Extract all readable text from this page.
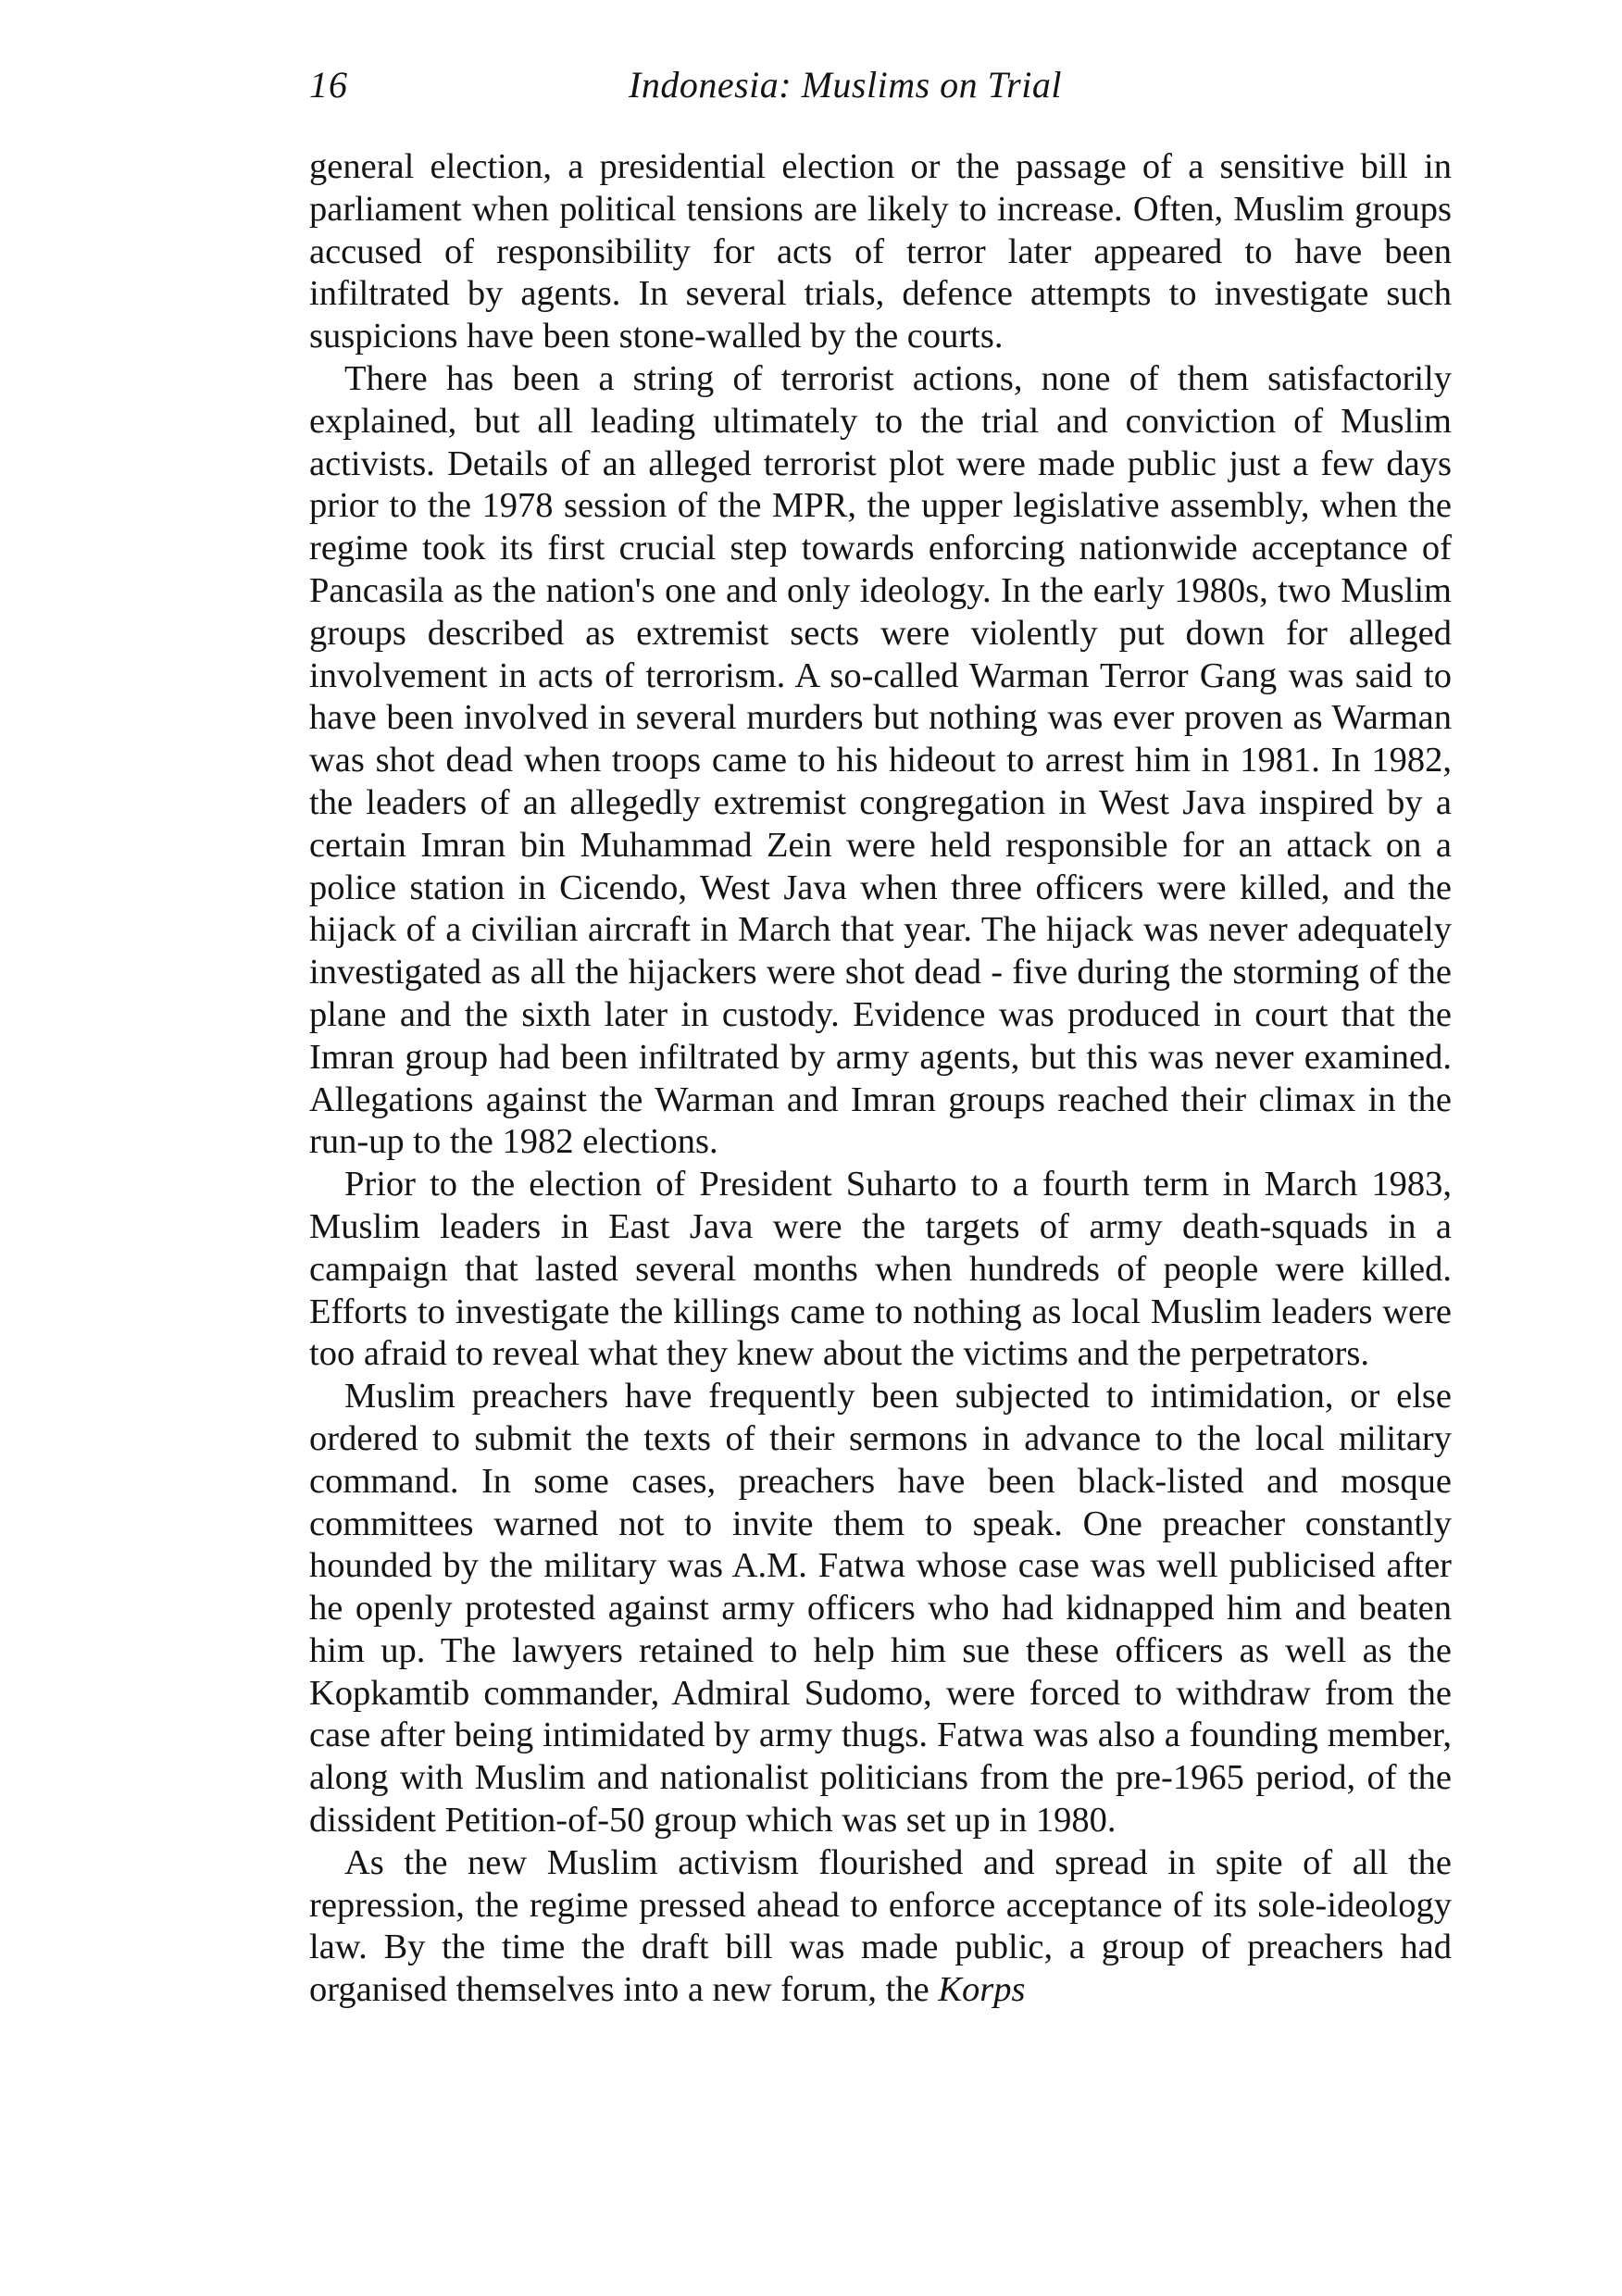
16	Indonesia: Muslims on Trial

general election, a presidential election or the passage of a sensitive bill in parliament when political tensions are likely to increase. Often, Muslim groups accused of responsibility for acts of terror later appeared to have been infiltrated by agents. In several trials, defence attempts to investigate such suspicions have been stone-walled by the courts.

There has been a string of terrorist actions, none of them satisfactorily explained, but all leading ultimately to the trial and conviction of Muslim activists. Details of an alleged terrorist plot were made public just a few days prior to the 1978 session of the MPR, the upper legislative assembly, when the regime took its first crucial step towards enforcing nationwide acceptance of Pancasila as the nation's one and only ideology. In the early 1980s, two Muslim groups described as extremist sects were violently put down for alleged involvement in acts of terrorism. A so-called Warman Terror Gang was said to have been involved in several murders but nothing was ever proven as Warman was shot dead when troops came to his hideout to arrest him in 1981. In 1982, the leaders of an allegedly extremist congregation in West Java inspired by a certain Imran bin Muhammad Zein were held responsible for an attack on a police station in Cicendo, West Java when three officers were killed, and the hijack of a civilian aircraft in March that year. The hijack was never adequately investigated as all the hijackers were shot dead - five during the storming of the plane and the sixth later in custody. Evidence was produced in court that the Imran group had been infiltrated by army agents, but this was never examined. Allegations against the Warman and Imran groups reached their climax in the run-up to the 1982 elections.

Prior to the election of President Suharto to a fourth term in March 1983, Muslim leaders in East Java were the targets of army death-squads in a campaign that lasted several months when hundreds of people were killed. Efforts to investigate the killings came to nothing as local Muslim leaders were too afraid to reveal what they knew about the victims and the perpetrators.

Muslim preachers have frequently been subjected to intimidation, or else ordered to submit the texts of their sermons in advance to the local military command. In some cases, preachers have been black-listed and mosque committees warned not to invite them to speak. One preacher constantly hounded by the military was A.M. Fatwa whose case was well publicised after he openly protested against army officers who had kidnapped him and beaten him up. The lawyers retained to help him sue these officers as well as the Kopkamtib commander, Admiral Sudomo, were forced to withdraw from the case after being intimidated by army thugs. Fatwa was also a founding member, along with Muslim and nationalist politicians from the pre-1965 period, of the dissident Petition-of-50 group which was set up in 1980.

As the new Muslim activism flourished and spread in spite of all the repression, the regime pressed ahead to enforce acceptance of its sole-ideology law. By the time the draft bill was made public, a group of preachers had organised themselves into a new forum, the Korps
